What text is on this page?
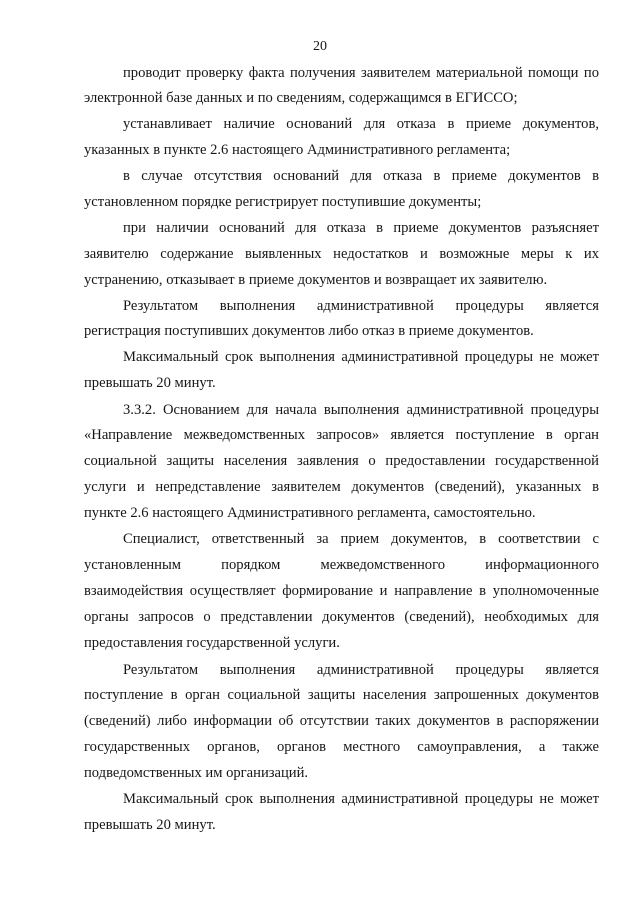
20
проводит проверку факта получения заявителем материальной помощи по
электронной базе данных и по сведениям, содержащимся в ЕГИССО;
устанавливает наличие оснований для отказа в приеме документов,
указанных в пункте 2.6 настоящего Административного регламента;
в случае отсутствия оснований для отказа в приеме документов в
установленном порядке регистрирует поступившие документы;
при наличии оснований для отказа в приеме документов разъясняет
заявителю содержание выявленных недостатков и возможные меры к их
устранению, отказывает в приеме документов и возвращает их заявителю.
Результатом выполнения административной процедуры является
регистрация поступивших документов либо отказ в приеме документов.
Максимальный срок выполнения административной процедуры не может
превышать 20 минут.
3.3.2. Основанием для начала выполнения административной процедуры
«Направление межведомственных запросов» является поступление в орган
социальной защиты населения заявления о предоставлении государственной
услуги и непредставление заявителем документов (сведений), указанных в
пункте 2.6 настоящего Административного регламента, самостоятельно.
Специалист, ответственный за прием документов, в соответствии с
установленным порядком межведомственного информационного
взаимодействия осуществляет формирование и направление в уполномоченные
органы запросов о представлении документов (сведений), необходимых для
предоставления государственной услуги.
Результатом выполнения административной процедуры является
поступление в орган социальной защиты населения запрошенных документов
(сведений) либо информации об отсутствии таких документов в распоряжении
государственных органов, органов местного самоуправления, а также
подведомственных им организаций.
Максимальный срок выполнения административной процедуры не может
превышать 20 минут.
